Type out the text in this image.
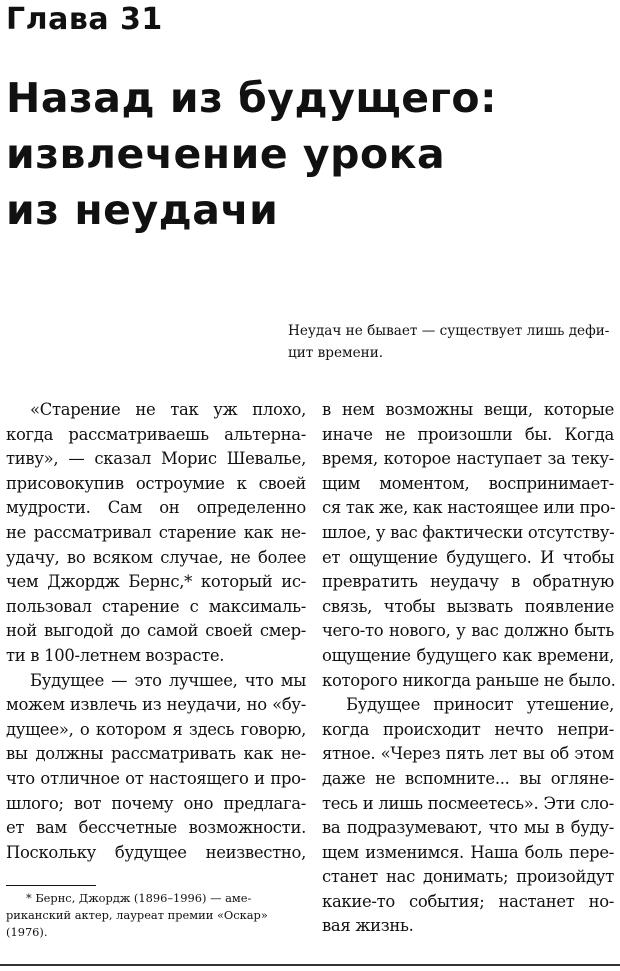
Глава 31
Назад из будущего:
извлечение урока
из неудачи
Неудач не бывает — существует лишь дефи-
цит времени.
«Старение не так уж плохо,
когда рассматриваешь альтерна-
тиву», — сказал Морис Шевалье,
присовокупив остроумие к своей
мудрости. Сам он определенно
не рассматривал старение как не-
удачу, во всяком случае, не более
чем Джордж Бернс,* который ис-
пользовал старение с максималь-
ной выгодой до самой своей смер-
ти в 100-летнем возрасте.
Будущее — это лучшее, что мы
можем извлечь из неудачи, но «бу-
дущее», о котором я здесь говорю,
вы должны рассматривать как не-
что отличное от настоящего и про-
шлого; вот почему оно предлага-
ет вам бессчетные возможности.
Поскольку будущее неизвестно,
в нем возможны вещи, которые
иначе не произошли бы. Когда
время, которое наступает за теку-
щим моментом, воспринимает-
ся так же, как настоящее или про-
шлое, у вас фактически отсутству-
ет ощущение будущего. И чтобы
превратить неудачу в обратную
связь, чтобы вызвать появление
чего-то нового, у вас должно быть
ощущение будущего как времени,
которого никогда раньше не было.
Будущее приносит утешение,
когда происходит нечто непри-
ятное. «Через пять лет вы об этом
даже не вспомните... вы огляне-
тесь и лишь посмеетесь». Эти сло-
ва подразумевают, что мы в буду-
щем изменимся. Наша боль пере-
станет нас донимать; произойдут
какие-то события; настанет но-
вая жизнь.
* Бернс, Джордж (1896–1996) — аме-
риканский актер, лауреат премии «Оскар»
(1976).
